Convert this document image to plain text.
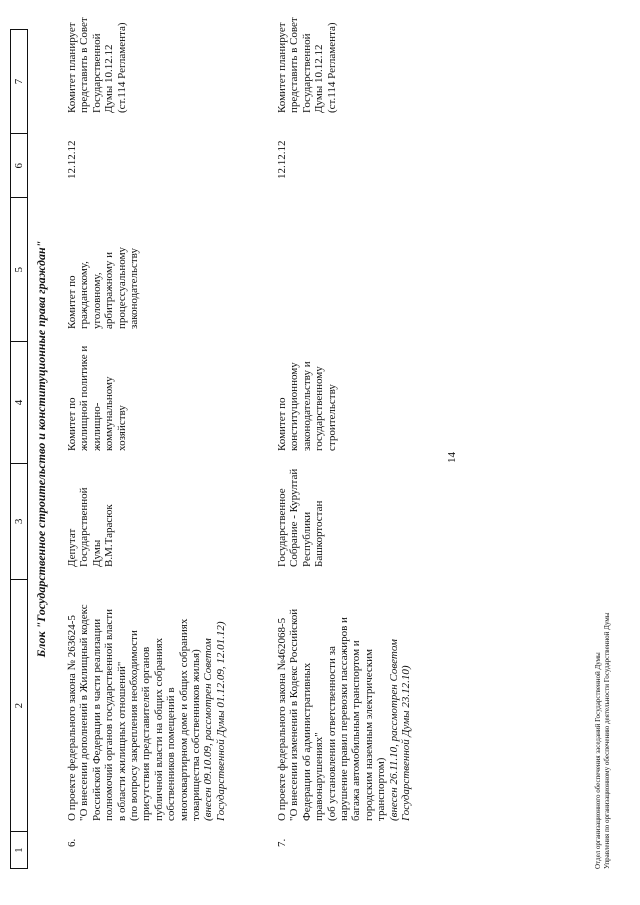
14
1
2
3
4
5
6
7
Блок "Государственное строительство и конституционные права граждан"
6.
О проекте федерального закона № 263624-5
"О внесении дополнений в Жилищный кодекс
Российской Федерации в части реализации
полномочий органов государственной власти
в области жилищных отношений"
(по вопросу закрепления необходимости
присутствия представителей органов
публичной власти на общих собраниях
собственников помещений в
многоквартирном доме и общих собраниях
товарищества собственников жилья)
(внесен 09.10.09, рассмотрен Советом
Государственной Думы 01.12.09, 12.01.12)
Депутат
Государственной
Думы
В.М.Тарасюк
Комитет по
жилищной политике и
жилищно-
коммунальному
хозяйству
Комитет по
гражданскому,
уголовному,
арбитражному и
процессуальному
законодательству
12.12.12
Комитет планирует
представить в Совет
Государственной
Думы 10.12.12
(ст.114 Регламента)
7.
О проекте федерального закона №462068-5
"О внесении изменений в Кодекс Российской
Федерации об административных
правонарушениях"
(об установлении ответственности за
нарушение правил перевозки пассажиров и
багажа автомобильным транспортом и
городским наземным электрическим
транспортом)
(внесен 26.11.10, рассмотрен Советом
Государственной Думы 23.12.10)
Государственное
Собрание - Курултай
Республики
Башкортостан
Комитет по
конституционному
законодательству и
государственному
строительству
12.12.12
Комитет планирует
представить в Совет
Государственной
Думы 10.12.12
(ст.114 Регламента)
Отдел организационного обеспечения заседаний Государственной Думы
Управления по организационному обеспечению деятельности Государственной Думы
